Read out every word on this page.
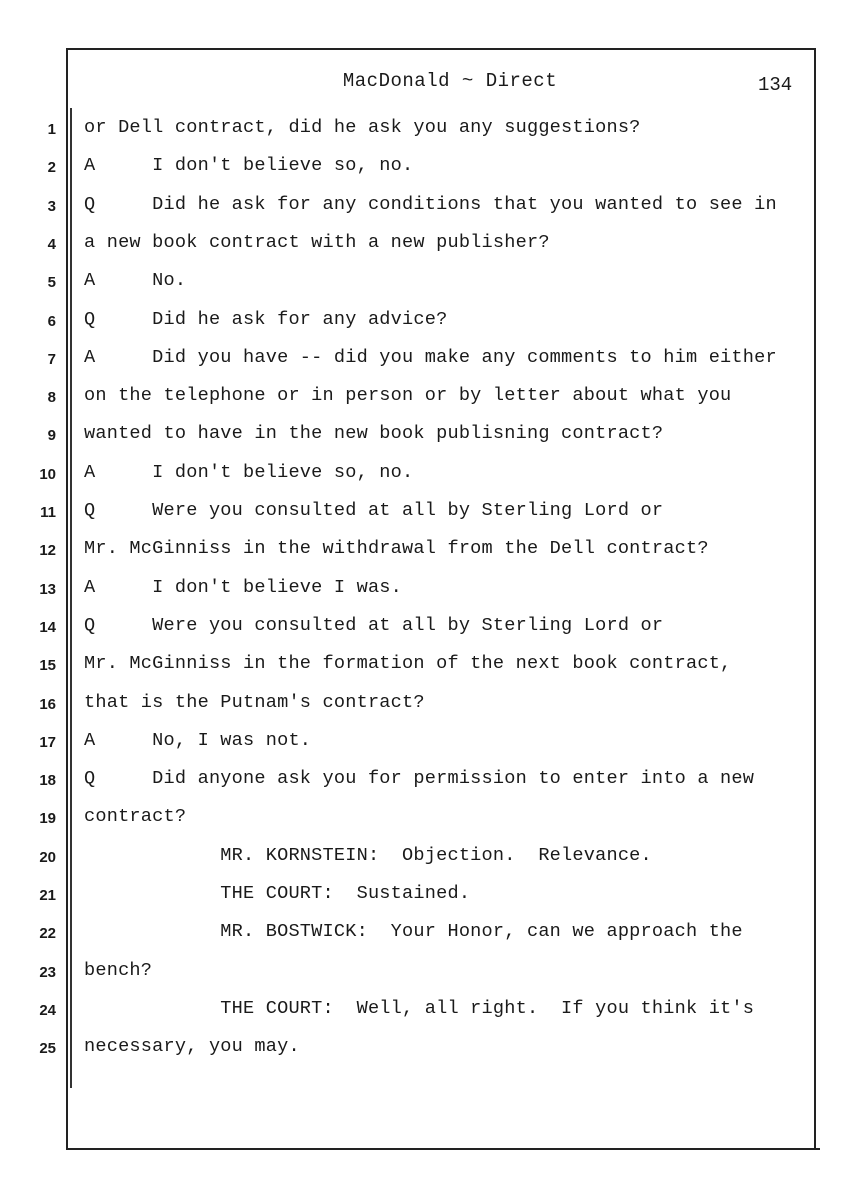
MacDonald ~ Direct	134
1 or Dell contract, did he ask you any suggestions?
2 A     I don't believe so, no.
3 Q     Did he ask for any conditions that you wanted to see in
4 a new book contract with a new publisher?
5 A     No.
6 Q     Did he ask for any advice?
7 A     Did you have -- did you make any comments to him either
8 on the telephone or in person or by letter about what you
9 wanted to have in the new book publisning contract?
10 A     I don't believe so, no.
11 Q     Were you consulted at all by Sterling Lord or
12 Mr. McGinniss in the withdrawal from the Dell contract?
13 A     I don't believe I was.
14 Q     Were you consulted at all by Sterling Lord or
15 Mr. McGinniss in the formation of the next book contract,
16 that is the Putnam's contract?
17 A     No, I was not.
18 Q     Did anyone ask you for permission to enter into a new
19 contract?
20 MR. KORNSTEIN:  Objection.  Relevance.
21 THE COURT:  Sustained.
22 MR. BOSTWICK:  Your Honor, can we approach the
23 bench?
24 THE COURT:  Well, all right.  If you think it's
25 necessary, you may.
